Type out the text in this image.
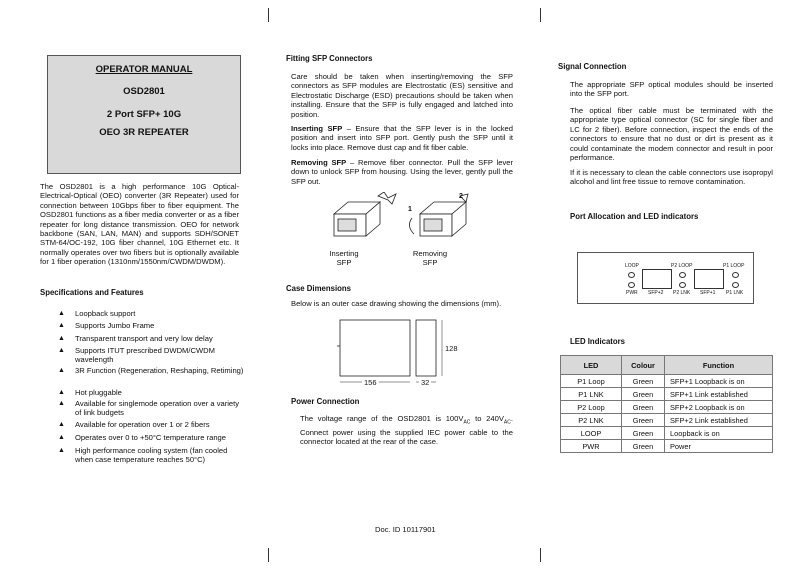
OPERATOR MANUAL
OSD2801
2 Port SFP+ 10G
OEO 3R REPEATER

The OSD2801 is a high performance 10G Optical-Electrical-Optical (OEO) converter (3R Repeater) used for connection between 10Gbps fiber to fiber equipment. The OSD2801 functions as a fiber media converter or as a fiber repeater for long distance transmission. OEO for network backbone (SAN, LAN, MAN) and supports SDH/SONET STM-64/OC-192, 10G fiber channel, 10G Ethernet etc. It normally operates over two fibers but is optionally available for 1 fiber operation (1310nm/1550nm/CWDM/DWDM).

Specifications and Features

▲ Loopback support
▲ Supports Jumbo Frame
▲ Transparent transport and very low delay
▲ Supports ITUT prescribed DWDM/CWDM wavelength
▲ 3R Function (Regeneration, Reshaping, Retiming)
▲ Hot pluggable
▲ Available for singlemode operation over a variety of link budgets
▲ Available for operation over 1 or 2 fibers
▲ Operates over 0 to +50°C temperature range
▲ High performance cooling system (fan cooled when case temperature reaches 50°C)

Fitting SFP Connectors

Care should be taken when inserting/removing the SFP connectors as SFP modules are Electrostatic (ES) sensitive and Electrostatic Discharge (ESD) precautions should be taken when installing. Ensure that the SFP is fully engaged and latched into position.

Inserting SFP – Ensure that the SFP lever is in the locked position and insert into SFP port. Gently push the SFP until it locks into place. Remove dust cap and fit fiber cable.

Removing SFP – Remove fiber connector. Pull the SFP lever down to unlock SFP from housing. Using the lever, gently pull the SFP out.

1
2
Inserting
SFP
Removing
SFP

Case Dimensions

Below is an outer case drawing showing the dimensions (mm).

156	32
128

Power Connection

The voltage range of the OSD2801 is $100V_{AC}$ to $240V_{AC}$. Connect power using the supplied IEC power cable to the connector located at the rear of the case.

Doc. ID 10117901

Signal Connection

The appropriate SFP optical modules should be inserted into the SFP port.

The optical fiber cable must be terminated with the appropriate type optical connector (SC for single fiber and LC for 2 fiber). Before connection, inspect the ends of the connectors to ensure that no dust or dirt is present as it could contaminate the modem connector and result in poor performance.

If it is necessary to clean the cable connectors use isopropyl alcohol and lint free tissue to remove contamination.

Port Allocation and LED indicators

LOOP
PWR SFP+2
P2 LOOP
P2 LNK SFP+1
P1 LOOP
P1 LNK

LED Indicators

LED	Colour	Function
P1 Loop	Green	SFP+1 Loopback is on
P1 LNK	Green	SFP+1 Link established
P2 Loop	Green	SFP+2 Loopback is on
P2 LNK	Green	SFP+2 Link established
LOOP	Green	Loopback is on
PWR	Green	Power
